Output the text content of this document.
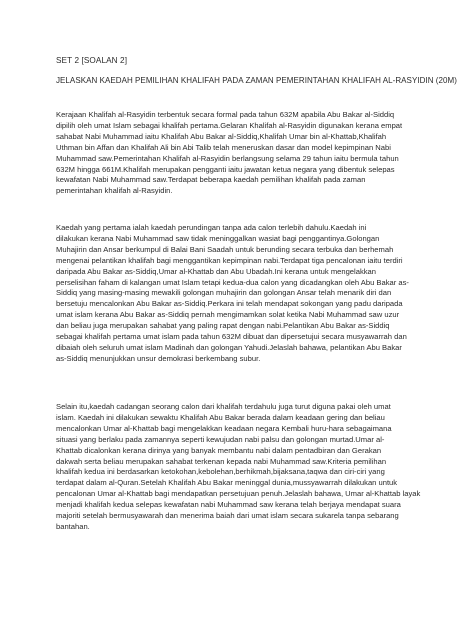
SET 2 [SOALAN 2]
JELASKAN KAEDAH PEMILIHAN KHALIFAH PADA ZAMAN PEMERINTAHAN KHALIFAH AL-RASYIDIN (20M)

Kerajaan Khalifah al-Rasyidin terbentuk secara formal pada tahun 632M apabila Abu Bakar al-Siddiq
dipilih oleh umat Islam sebagai khalifah pertama.Gelaran Khalifah al-Rasyidin digunakan kerana empat
sahabat Nabi Muhammad iaitu Khalifah Abu Bakar al-Siddiq,Khalifah Umar bin al-Khattab,Khalifah
Uthman bin Affan dan Khalifah Ali bin Abi Talib telah meneruskan dasar dan model kepimpinan Nabi
Muhammad saw.Pemerintahan Khalifah al-Rasyidin berlangsung selama 29 tahun iaitu bermula tahun
632M hingga 661M.Khalifah merupakan pengganti iaitu jawatan ketua negara yang dibentuk selepas
kewafatan Nabi Muhammad saw.Terdapat beberapa kaedah pemilihan khalifah pada zaman
pemerintahan khalifah al-Rasyidin.

Kaedah yang pertama ialah kaedah perundingan tanpa ada calon terlebih dahulu.Kaedah ini
dilakukan kerana Nabi Muhammad saw tidak meninggalkan wasiat bagi penggantinya.Golongan
Muhajirin dan Ansar berkumpul di Balai Bani Saadah untuk berunding secara terbuka dan berhemah
mengenai pelantikan khalifah bagi menggantikan kepimpinan nabi.Terdapat tiga pencalonan iaitu terdiri
daripada Abu Bakar as-Siddiq,Umar al-Khattab dan Abu Ubadah.Ini kerana untuk mengelakkan
perselisihan faham di kalangan umat Islam tetapi kedua-dua calon yang dicadangkan oleh Abu Bakar as-
Siddiq yang masing-masing mewakili golongan muhajirin dan golongan Ansar telah menarik diri dan
bersetuju mencalonkan Abu Bakar as-Siddiq.Perkara ini telah mendapat sokongan yang padu daripada
umat islam kerana Abu Bakar as-Siddiq pernah mengimamkan solat ketika Nabi Muhammad saw uzur
dan beliau juga merupakan sahabat yang paling rapat dengan nabi.Pelantikan Abu Bakar as-Siddiq
sebagai khalifah pertama umat islam pada tahun 632M dibuat dan dipersetujui secara musyawarrah dan
dibaiah oleh seluruh umat islam Madinah dan golongan Yahudi.Jelaslah bahawa, pelantikan Abu Bakar
as-Siddiq menunjukkan unsur demokrasi berkembang subur.

Selain itu,kaedah cadangan seorang calon dari khalifah terdahulu juga turut diguna pakai oleh umat
islam. Kaedah ini dilakukan sewaktu Khalifah Abu Bakar berada dalam keadaan gering dan beliau
mencalonkan Umar al-Khattab bagi mengelakkan keadaan negara Kembali huru-hara sebagaimana
situasi yang berlaku pada zamannya seperti kewujudan nabi palsu dan golongan murtad.Umar al-
Khattab dicalonkan kerana dirinya yang banyak membantu nabi dalam pentadbiran dan Gerakan
dakwah serta beliau merupakan sahabat terkenan kepada nabi Muhammad saw.Kriteria pemilihan
khalifah kedua ini berdasarkan ketokohan,kebolehan,berhikmah,bijaksana,taqwa dan ciri-ciri yang
terdapat dalam al-Quran.Setelah Khalifah Abu Bakar meninggal dunia,mussyawarrah dilakukan untuk
pencalonan Umar al-Khattab bagi mendapatkan persetujuan penuh.Jelaslah bahawa, Umar al-Khattab layak
menjadi khalifah kedua selepas kewafatan nabi Muhammad saw kerana telah berjaya mendapat suara
majoriti setelah bermusyawarah dan menerima baiah dari umat islam secara sukarela tanpa sebarang
bantahan.
